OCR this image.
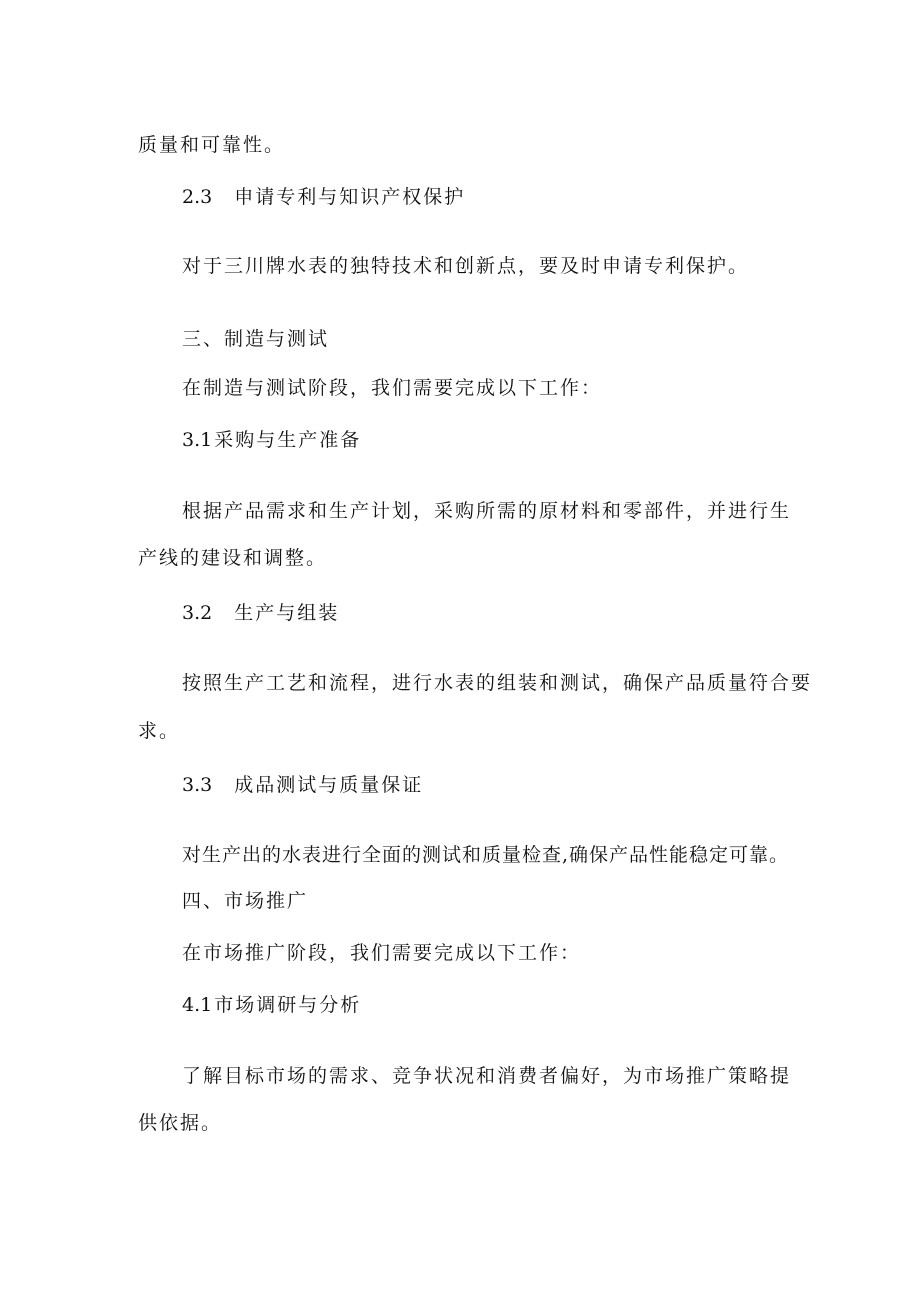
质量和可靠性。
2.3 申请专利与知识产权保护
对于三川牌水表的独特技术和创新点，要及时申请专利保护。
三、制造与测试
在制造与测试阶段，我们需要完成以下工作：
3.1 采购与生产准备
根据产品需求和生产计划，采购所需的原材料和零部件，并进行生
产线的建设和调整。
3.2 生产与组装
按照生产工艺和流程，进行水表的组装和测试，确保产品质量符合要
求。
3.3 成品测试与质量保证
对生产出的水表进行全面的测试和质量检查,确保产品性能稳定可靠。
四、市场推广
在市场推广阶段，我们需要完成以下工作：
4.1 市场调研与分析
了解目标市场的需求、竞争状况和消费者偏好，为市场推广策略提
供依据。
